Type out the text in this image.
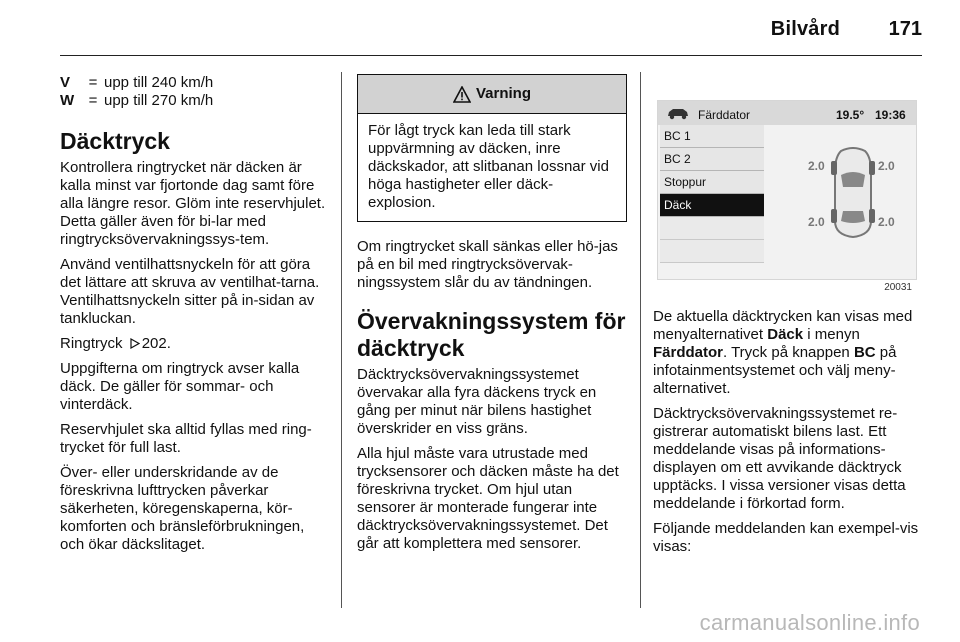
Bilvård 171
V	= upp till 240 km/h
W = upp till 270 km/h
Däcktryck

Kontrollera ringtrycket när däcken är kalla minst var fjortonde dag samt före alla längre resor. Glöm inte reservhjulet. Detta gäller även för bi-lar med ringtrycksövervakningssys-tem.

Använd ventilhattsnyckeln för att göra det lättare att skruva av ventilhat-tarna. Ventilhattsnyckeln sitter på in-sidan av tankluckan.

Ringtryck 202.

Uppgifterna om ringtryck avser kalla däck. De gäller för sommar- och vinterdäck.

Reservhjulet ska alltid fyllas med ring-trycket för full last.

Över- eller underskridande av de föreskrivna lufttrycken påverkar säkerheten, köregenskaperna, kör-komforten och bränsleförbrukningen, och ökar däckslitaget.

Varning
För lågt tryck kan leda till stark uppvärmning av däcken, inre däckskador, att slitbanan lossnar vid höga hastigheter eller däck-explosion.

Om ringtrycket skall sänkas eller hö-jas på en bil med ringtrycksövervak-ningssystem slår du av tändningen.

Övervakningssystem för däcktryck

Däcktrycksövervakningssystemet övervakar alla fyra däckens tryck en gång per minut när bilens hastighet överskrider en viss gräns.

Alla hjul måste vara utrustade med trycksensorer och däcken måste ha det föreskrivna trycket. Om hjul utan sensorer är monterade fungerar inte däcktrycksövervakningssystemet. Det går att komplettera med sensorer.

Färddator	19.5° 19:36
BC 1
BC 2
Stoppur
Däck
2.0	2.0
2.0	2.0
20031

De aktuella däcktrycken kan visas med menyalternativet Däck i menyn Färddator. Tryck på knappen BC på infotainmentsystemet och välj meny-alternativet.

Däcktrycksövervakningssystemet re-gistrerar automatiskt bilens last. Ett meddelande visas på informations-displayen om ett avvikande däcktryck upptäcks. I vissa versioner visas detta meddelande i förkortad form.

Följande meddelanden kan exempel-vis visas:

carmanualsonline.info
